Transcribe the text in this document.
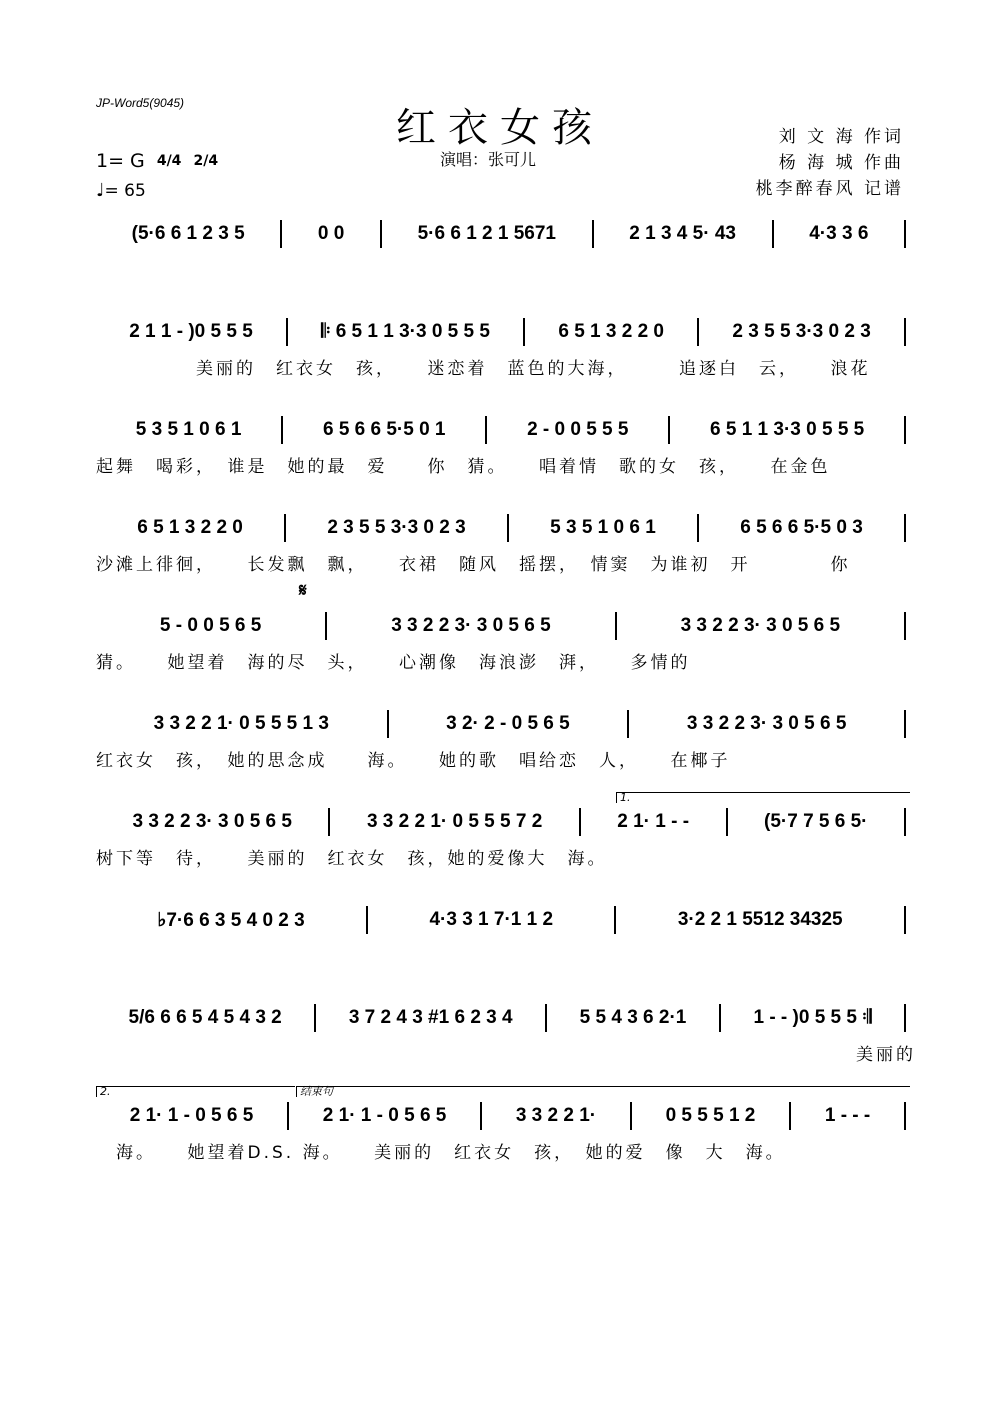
JP-Word5(9045)
红衣女孩
演唱：张可儿
刘 文 海 作词
杨 海 城 作曲
桃李醉春风 记谱
1= G 4/4 2/4
♩= 65
(5·6 6 1 2 3 5	0 0	5·6 6 1 2 1 5671	2 1 3 4 5· 43	4·3 3 6
2 1 1 - )0 5 5 5	𝄆 6 5 1 1 3·3 0 5 5 5	6 5 1 3 2 2 0	2 3 5 5 3·3 0 2 3
　　　　　美丽的　红衣女　孩，　　迷恋着　蓝色的大海，　　　追逐白　云，　　浪花
5 3 5 1 0 6 1	6 5 6 6 5·5 0 1	2 - 0 0 5 5 5	6 5 1 1 3·3 0 5 5 5
起舞　喝彩，　谁是　她的最　爱　　你　猜。　　唱着情　歌的女　孩，　　在金色
6 5 1 3 2 2 0	2 3 5 5 3·3 0 2 3	5 3 5 1 0 6 1	6 5 6 6 5·5 0 3
沙滩上徘徊，　　长发飘　飘，　　衣裙　随风　摇摆，　情窦　为谁初　开　　　　你
𝄋
5 - 0 0 5 6 5	3 3 2 2 3· 3 0 5 6 5	3 3 2 2 3· 3 0 5 6 5
猜。　　她望着　海的尽　头，　　心潮像　海浪澎　湃，　　多情的
3 3 2 2 1· 0 5 5 5 1 3	3 2· 2 - 0 5 6 5	3 3 2 2 3· 3 0 5 6 5
红衣女　孩，　她的思念成　　海。　　她的歌　唱给恋　人，　　在椰子
1.
3 3 2 2 3· 3 0 5 6 5	3 3 2 2 1· 0 5 5 5 7 2	2 1· 1 - -	(5·7 7 5 6 5·
树下等　待，　　美丽的　红衣女　孩，她的爱像大　海。
♭7·6 6 3 5 4 0 2 3	4·3 3 1 7·1 1 2	3·2 2 1 5512 34325
5/6 6 6 5 4 5 4 3 2	3 7 2 4 3 #1 6 2 3 4	5 5 4 3 6 2·1	1 - - )0 5 5 5 𝄇
　　　　　　　　　　　　　　　　　　　　　　　　　　　　　　　　　　　　　　美丽的
2.	结束句
2 1· 1 - 0 5 6 5	2 1· 1 - 0 5 6 5	3 3 2 2 1·	0 5 5 5 1 2	1 - - -
　海。　　她望着D.S. 海。　　美丽的　红衣女　孩，　她的爱　像　大　海。
